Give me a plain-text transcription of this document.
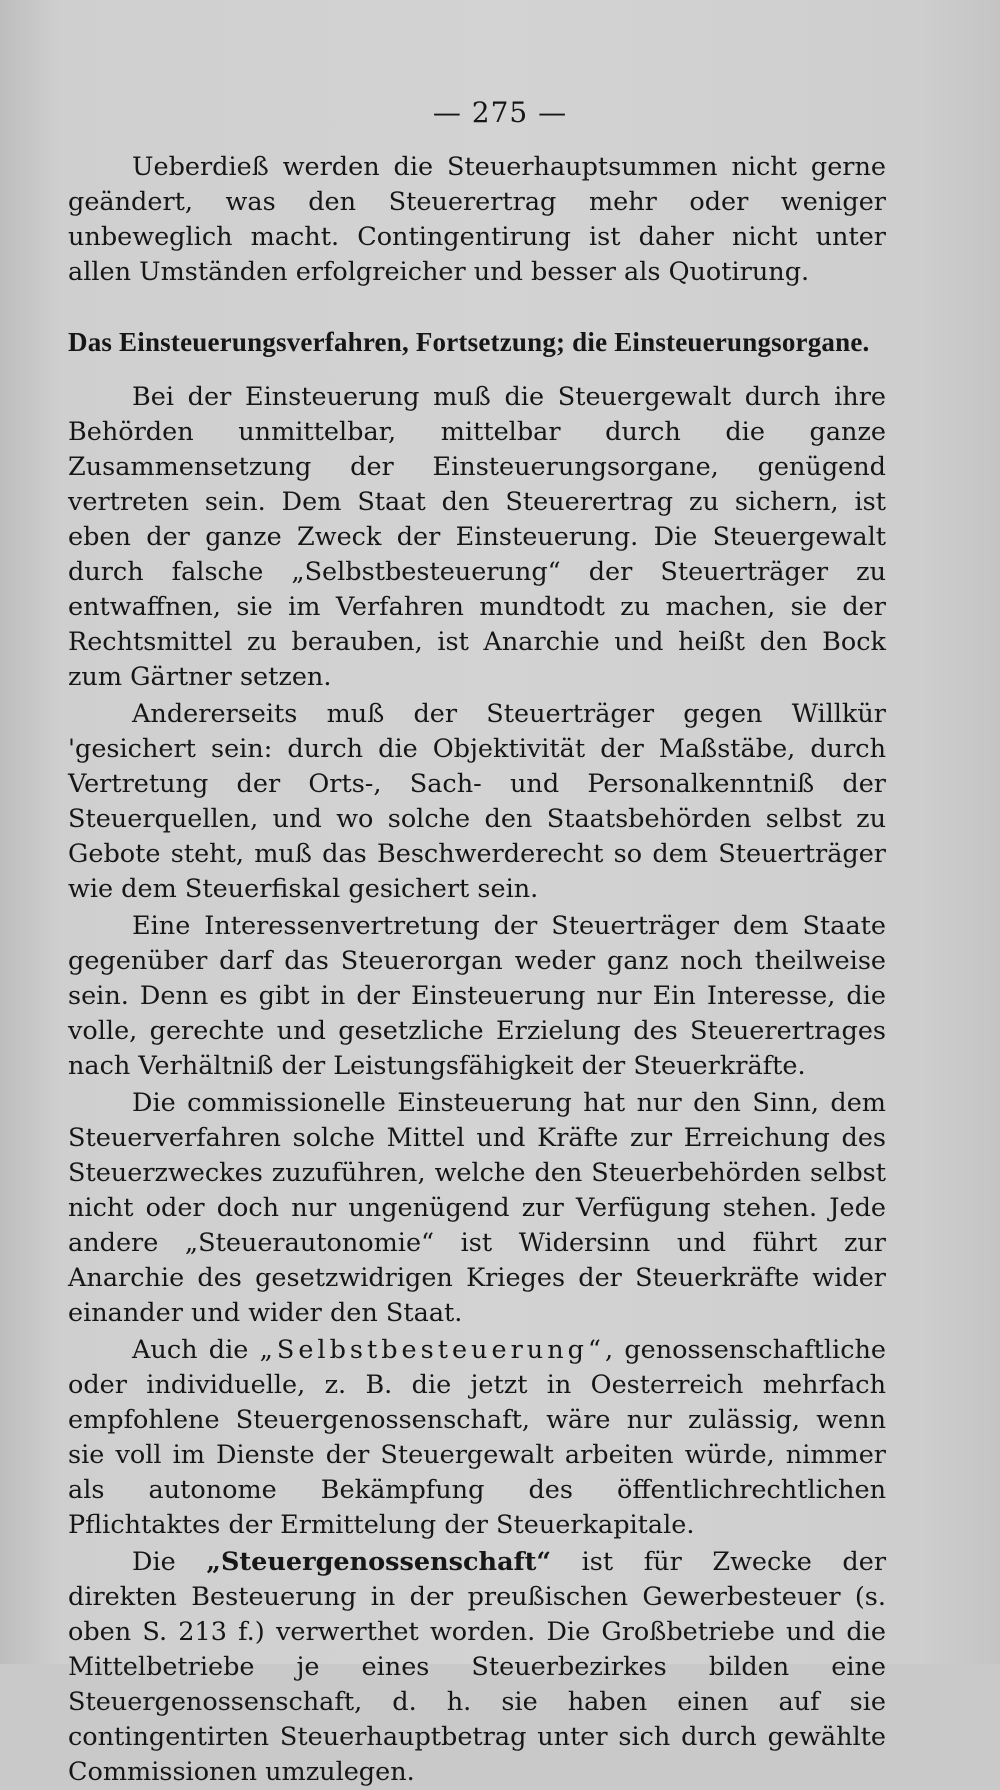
— 275 —

Ueberdieß werden die Steuerhauptsummen nicht gerne geändert, was den Steuerertrag mehr oder weniger unbeweglich macht. Contingentirung ist daher nicht unter allen Umständen erfolgreicher und besser als Quotirung.

Das Einsteuerungsverfahren, Fortsetzung; die Einsteuerungsorgane.

Bei der Einsteuerung muß die Steuergewalt durch ihre Behörden unmittelbar, mittelbar durch die ganze Zusammensetzung der Einsteuerungsorgane, genügend vertreten sein. Dem Staat den Steuerertrag zu sichern, ist eben der ganze Zweck der Einsteuerung. Die Steuergewalt durch falsche „Selbstbesteuerung“ der Steuerträger zu entwaffnen, sie im Verfahren mundtodt zu machen, sie der Rechtsmittel zu berauben, ist Anarchie und heißt den Bock zum Gärtner setzen.

Andererseits muß der Steuerträger gegen Willkür 'gesichert sein: durch die Objektivität der Maßstäbe, durch Vertretung der Orts-, Sach- und Personalkenntniß der Steuerquellen, und wo solche den Staatsbehörden selbst zu Gebote steht, muß das Beschwerderecht so dem Steuerträger wie dem Steuerfiskal gesichert sein.

Eine Interessenvertretung der Steuerträger dem Staate gegenüber darf das Steuerorgan weder ganz noch theilweise sein. Denn es gibt in der Einsteuerung nur Ein Interesse, die volle, gerechte und gesetzliche Erzielung des Steuerertrages nach Verhältniß der Leistungsfähigkeit der Steuerkräfte.

Die commissionelle Einsteuerung hat nur den Sinn, dem Steuerverfahren solche Mittel und Kräfte zur Erreichung des Steuerzweckes zuzuführen, welche den Steuerbehörden selbst nicht oder doch nur ungenügend zur Verfügung stehen. Jede andere „Steuerautonomie“ ist Widersinn und führt zur Anarchie des gesetzwidrigen Krieges der Steuerkräfte wider einander und wider den Staat.

Auch die „Selbstbesteuerung“, genossenschaftliche oder individuelle, z. B. die jetzt in Oesterreich mehrfach empfohlene Steuergenossenschaft, wäre nur zulässig, wenn sie voll im Dienste der Steuergewalt arbeiten würde, nimmer als autonome Bekämpfung des öffentlichrechtlichen Pflichtaktes der Ermittelung der Steuerkapitale.

Die „Steuergenossenschaft“ ist für Zwecke der direkten Besteuerung in der preußischen Gewerbesteuer (s. oben S. 213 f.) verwerthet worden. Die Großbetriebe und die Mittelbetriebe je eines Steuerbezirkes bilden eine Steuergenossenschaft, d. h. sie haben einen auf sie contingentirten Steuerhauptbetrag unter sich durch gewählte Commissionen umzulegen.
